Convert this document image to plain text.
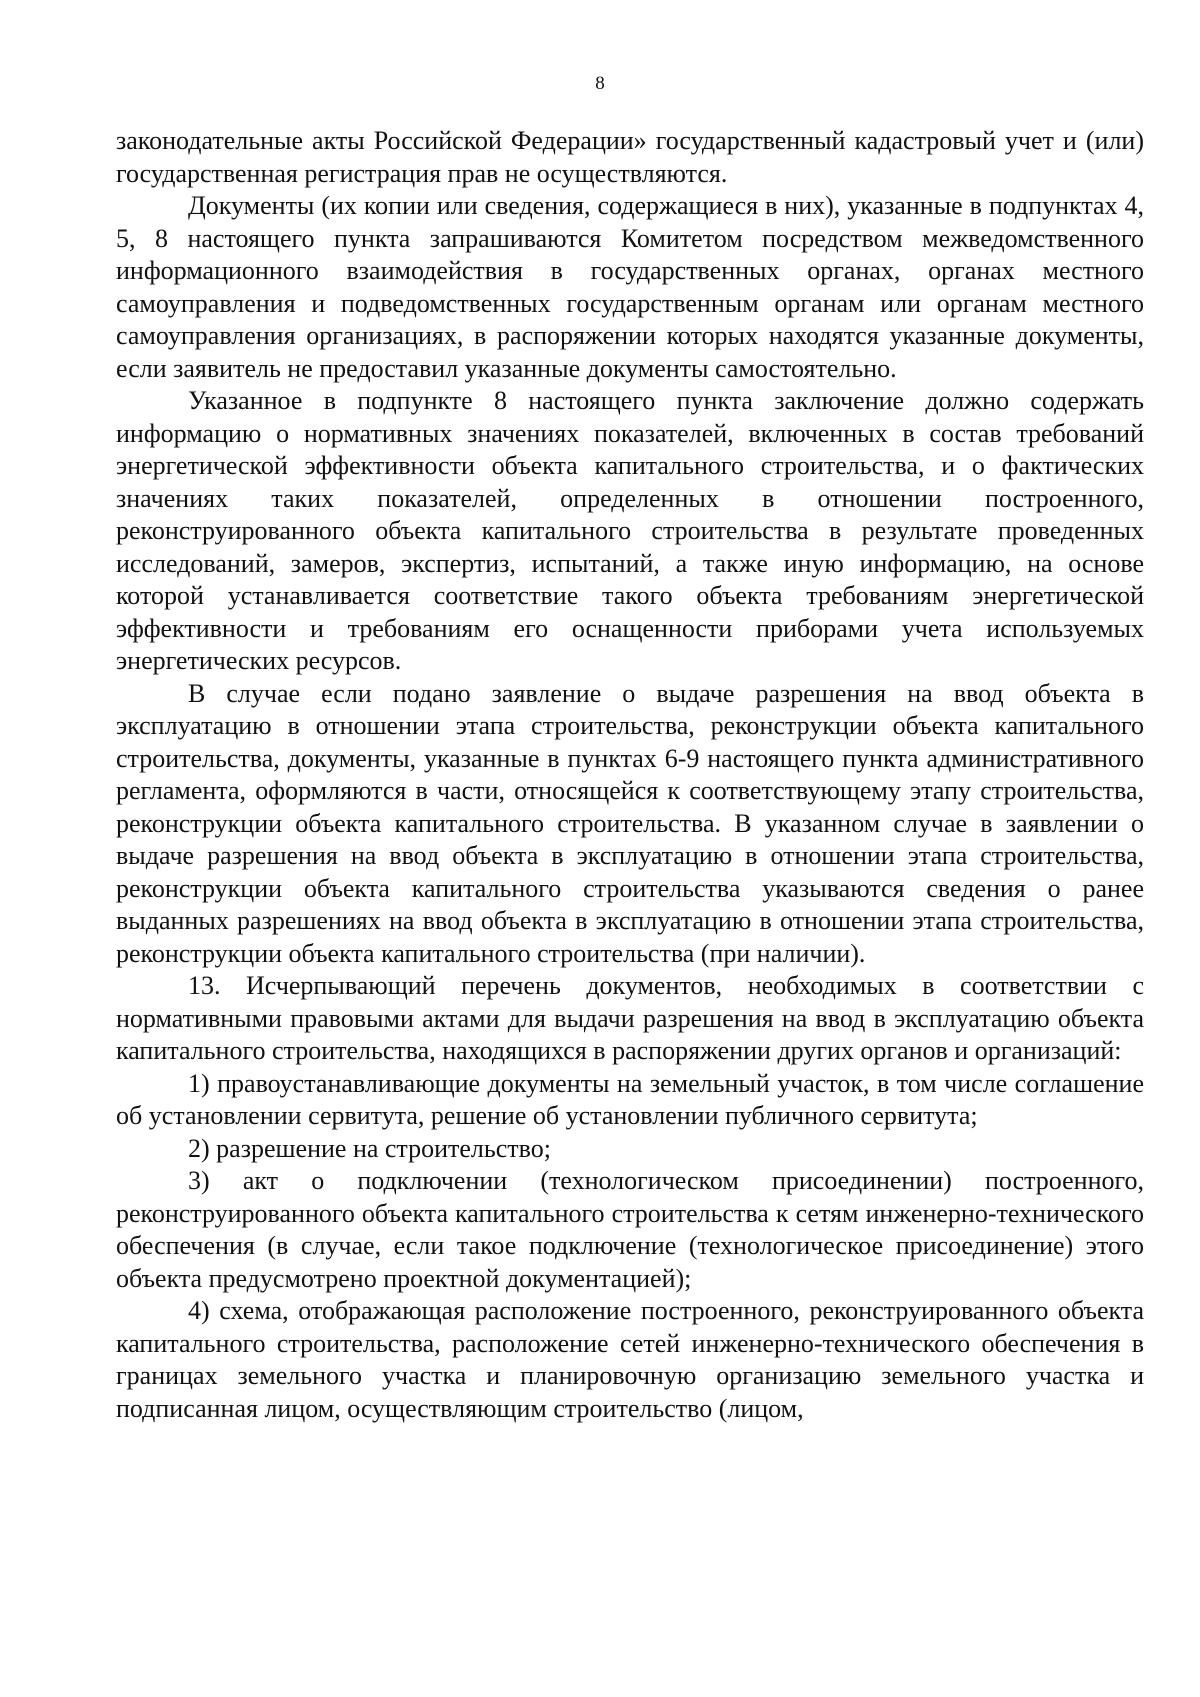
8

законодательные акты Российской Федерации» государственный кадастровый учет и (или) государственная регистрация прав не осуществляются.

Документы (их копии или сведения, содержащиеся в них), указанные в подпунктах 4, 5, 8 настоящего пункта запрашиваются Комитетом посредством межведомственного информационного взаимодействия в государственных органах, органах местного самоуправления и подведомственных государственным органам или органам местного самоуправления организациях, в распоряжении которых находятся указанные документы, если заявитель не предоставил указанные документы самостоятельно.

Указанное в подпункте 8 настоящего пункта заключение должно содержать информацию о нормативных значениях показателей, включенных в состав требований энергетической эффективности объекта капитального строительства, и о фактических значениях таких показателей, определенных в отношении построенного, реконструированного объекта капитального строительства в результате проведенных исследований, замеров, экспертиз, испытаний, а также иную информацию, на основе которой устанавливается соответствие такого объекта требованиям энергетической эффективности и требованиям его оснащенности приборами учета используемых энергетических ресурсов.

В случае если подано заявление о выдаче разрешения на ввод объекта в эксплуатацию в отношении этапа строительства, реконструкции объекта капитального строительства, документы, указанные в пунктах 6-9 настоящего пункта административного регламента, оформляются в части, относящейся к соответствующему этапу строительства, реконструкции объекта капитального строительства. В указанном случае в заявлении о выдаче разрешения на ввод объекта в эксплуатацию в отношении этапа строительства, реконструкции объекта капитального строительства указываются сведения о ранее выданных разрешениях на ввод объекта в эксплуатацию в отношении этапа строительства, реконструкции объекта капитального строительства (при наличии).

13. Исчерпывающий перечень документов, необходимых в соответствии с нормативными правовыми актами для выдачи разрешения на ввод в эксплуатацию объекта капитального строительства, находящихся в распоряжении других органов и организаций:

1) правоустанавливающие документы на земельный участок, в том числе соглашение об установлении сервитута, решение об установлении публичного сервитута;

2) разрешение на строительство;

3) акт о подключении (технологическом присоединении) построенного, реконструированного объекта капитального строительства к сетям инженерно-технического обеспечения (в случае, если такое подключение (технологическое присоединение) этого объекта предусмотрено проектной документацией);

4) схема, отображающая расположение построенного, реконструированного объекта капитального строительства, расположение сетей инженерно-технического обеспечения в границах земельного участка и планировочную организацию земельного участка и подписанная лицом, осуществляющим строительство (лицом,
